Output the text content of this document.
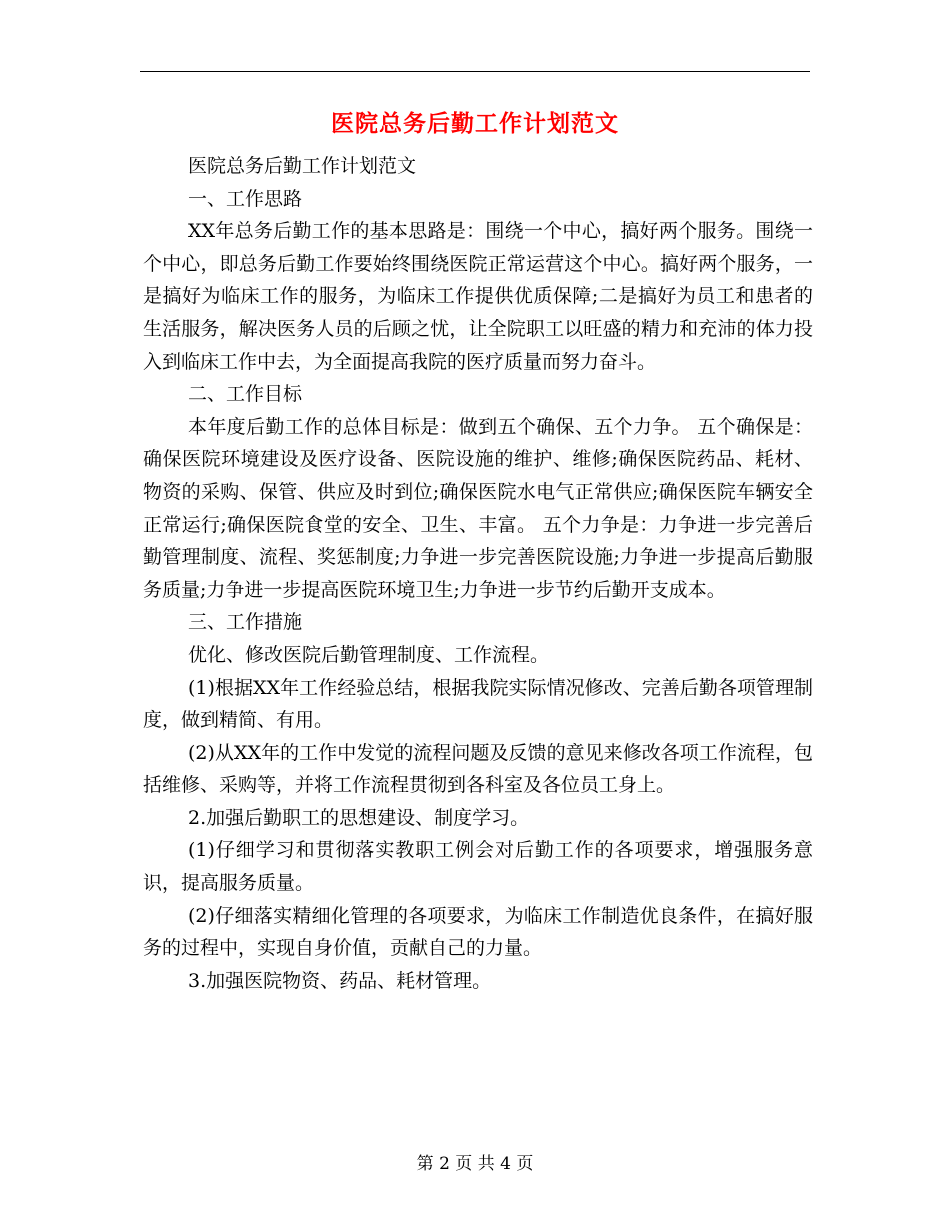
医院总务后勤工作计划范文

医院总务后勤工作计划范文

一、工作思路

XX年总务后勤工作的基本思路是：围绕一个中心，搞好两个服务。围绕一个中心，即总务后勤工作要始终围绕医院正常运营这个中心。搞好两个服务，一是搞好为临床工作的服务，为临床工作提供优质保障;二是搞好为员工和患者的生活服务，解决医务人员的后顾之忧，让全院职工以旺盛的精力和充沛的体力投入到临床工作中去，为全面提高我院的医疗质量而努力奋斗。

二、工作目标

本年度后勤工作的总体目标是：做到五个确保、五个力争。 五个确保是：确保医院环境建设及医疗设备、医院设施的维护、维修;确保医院药品、耗材、物资的采购、保管、供应及时到位;确保医院水电气正常供应;确保医院车辆安全正常运行;确保医院食堂的安全、卫生、丰富。 五个力争是：力争进一步完善后勤管理制度、流程、奖惩制度;力争进一步完善医院设施;力争进一步提高后勤服务质量;力争进一步提高医院环境卫生;力争进一步节约后勤开支成本。

三、工作措施

优化、修改医院后勤管理制度、工作流程。

(1)根据XX年工作经验总结，根据我院实际情况修改、完善后勤各项管理制度，做到精简、有用。

(2)从XX年的工作中发觉的流程问题及反馈的意见来修改各项工作流程，包括维修、采购等，并将工作流程贯彻到各科室及各位员工身上。

2.加强后勤职工的思想建设、制度学习。

(1)仔细学习和贯彻落实教职工例会对后勤工作的各项要求，增强服务意识，提高服务质量。

(2)仔细落实精细化管理的各项要求，为临床工作制造优良条件，在搞好服务的过程中，实现自身价值，贡献自己的力量。

3.加强医院物资、药品、耗材管理。

第 2 页 共 4 页
